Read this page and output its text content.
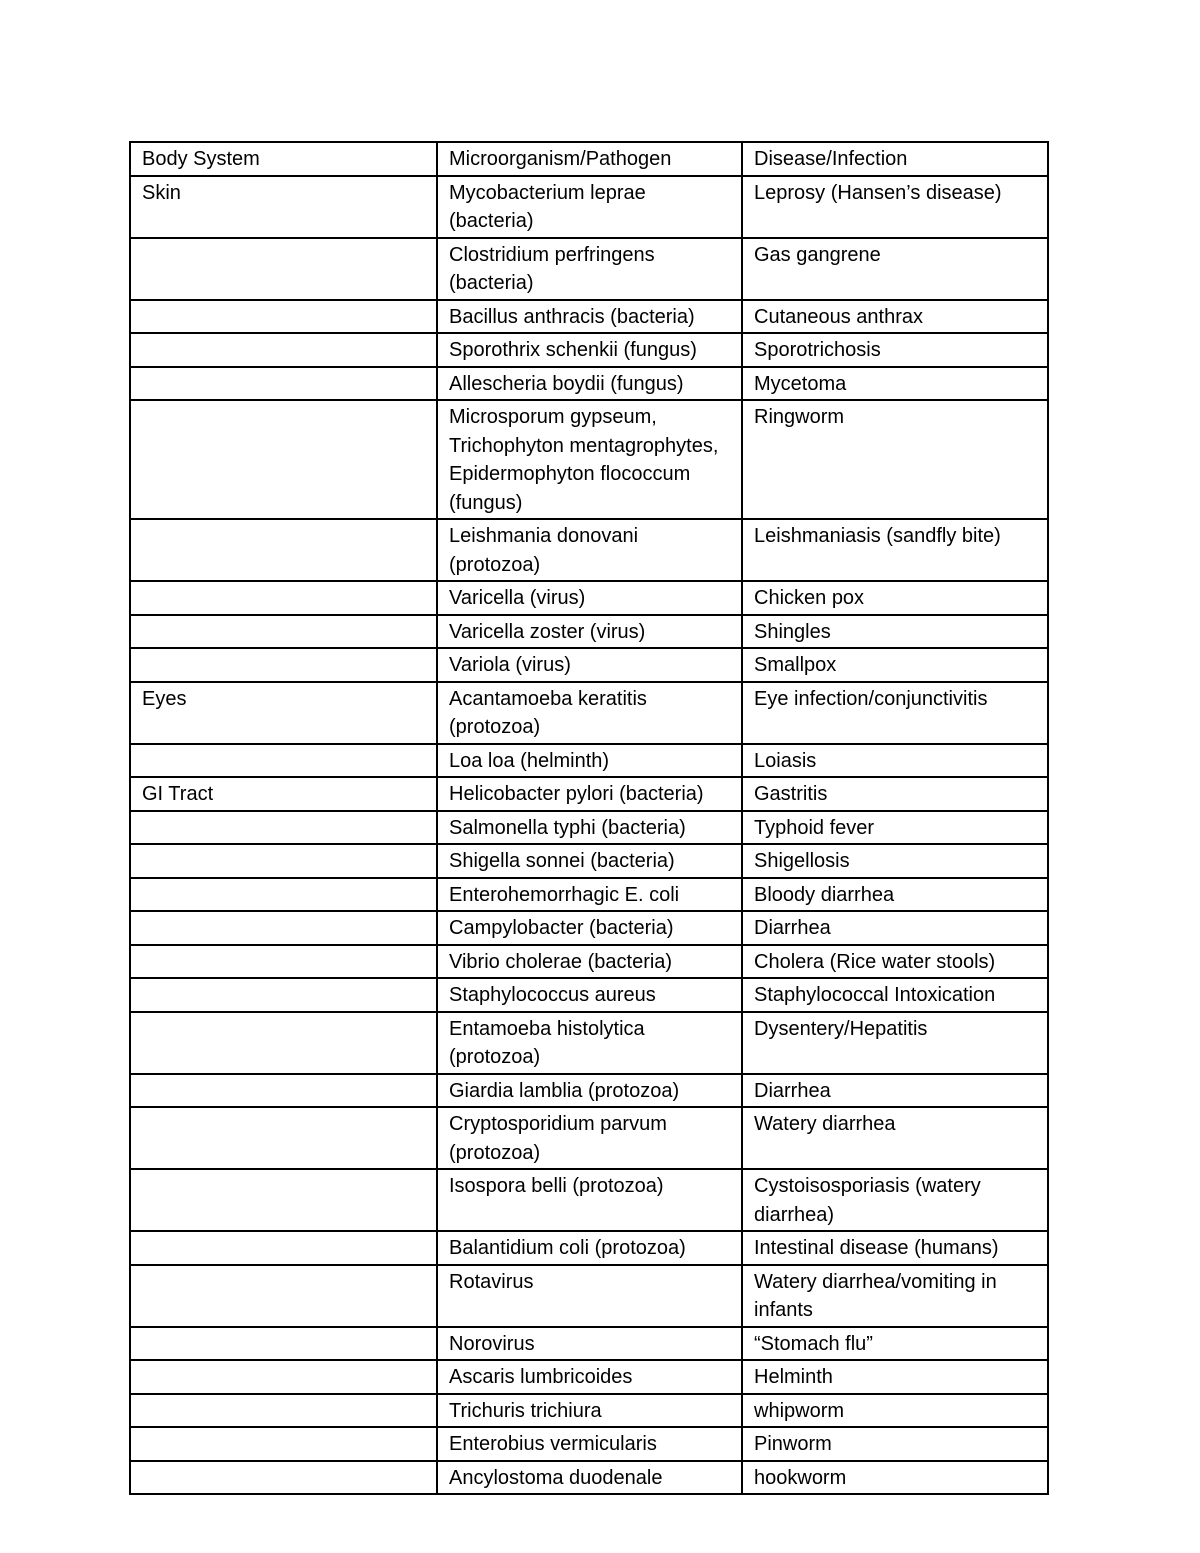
Body System	Microorganism/Pathogen	Disease/Infection
Skin	Mycobacterium leprae (bacteria)	Leprosy (Hansen’s disease)
	Clostridium perfringens (bacteria)	Gas gangrene
	Bacillus anthracis (bacteria)	Cutaneous anthrax
	Sporothrix schenkii (fungus)	Sporotrichosis
	Allescheria boydii (fungus)	Mycetoma
	Microsporum gypseum, Trichophyton mentagrophytes, Epidermophyton flococcum (fungus)	Ringworm
	Leishmania donovani (protozoa)	Leishmaniasis (sandfly bite)
	Varicella (virus)	Chicken pox
	Varicella zoster (virus)	Shingles
	Variola (virus)	Smallpox
Eyes	Acantamoeba keratitis (protozoa)	Eye infection/conjunctivitis
	Loa loa (helminth)	Loiasis
GI Tract	Helicobacter pylori (bacteria)	Gastritis
	Salmonella typhi (bacteria)	Typhoid fever
	Shigella sonnei (bacteria)	Shigellosis
	Enterohemorrhagic E. coli	Bloody diarrhea
	Campylobacter (bacteria)	Diarrhea
	Vibrio cholerae (bacteria)	Cholera (Rice water stools)
	Staphylococcus aureus	Staphylococcal Intoxication
	Entamoeba histolytica (protozoa)	Dysentery/Hepatitis
	Giardia lamblia (protozoa)	Diarrhea
	Cryptosporidium parvum (protozoa)	Watery diarrhea
	Isospora belli (protozoa)	Cystoisosporiasis (watery diarrhea)
	Balantidium coli (protozoa)	Intestinal disease (humans)
	Rotavirus	Watery diarrhea/vomiting in infants
	Norovirus	“Stomach flu”
	Ascaris lumbricoides	Helminth
	Trichuris trichiura	whipworm
	Enterobius vermicularis	Pinworm
	Ancylostoma duodenale	hookworm
